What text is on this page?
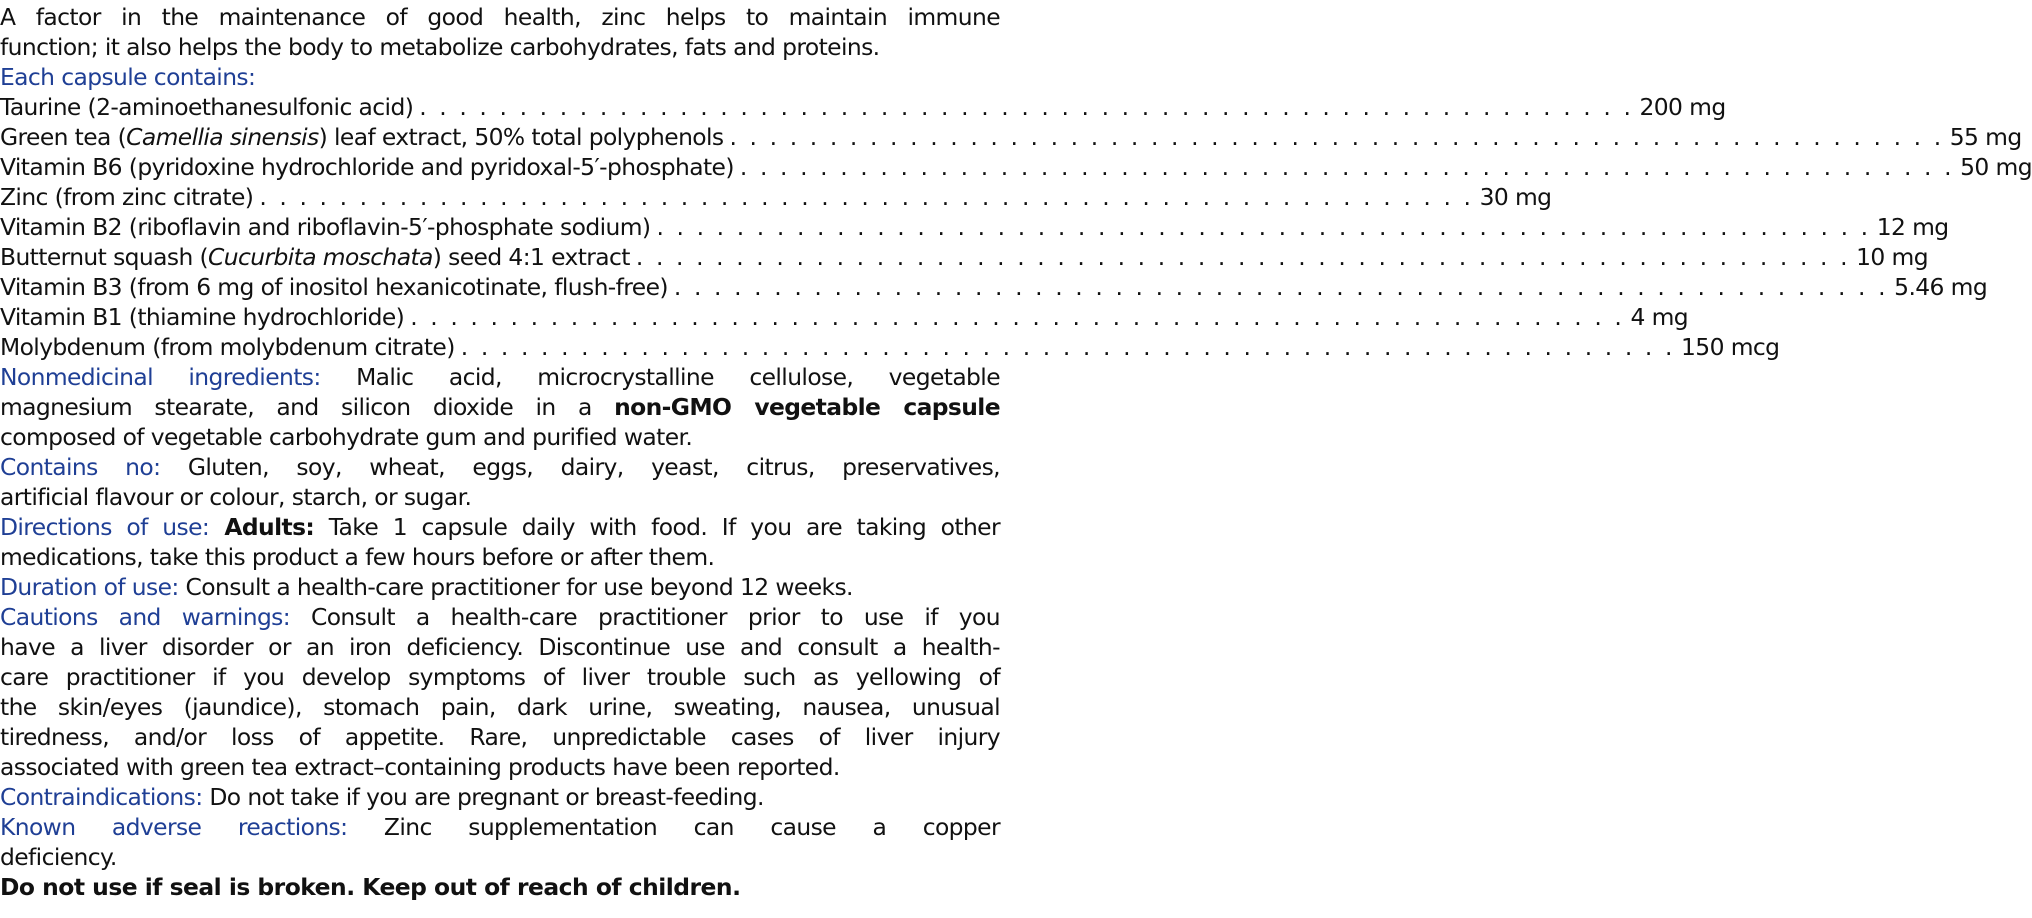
A factor in the maintenance of good health, zinc helps to maintain immune
function; it also helps the body to metabolize carbohydrates, fats and proteins.
Each capsule contains:
Taurine (2-aminoethanesulfonic acid) . . . . . . . . . . . . . . . . . . . . . . . . . . . . . . . . . . . . . . . . . . . . . . . . . . . . . . . . . . . . . 200 mg
Green tea (Camellia sinensis) leaf extract, 50% total polyphenols . . . . . . . . . . . . . . . . . . . . . . . . . . . . . . . . . . . . . . . . . . . . . . . . . . . . . . . . . . . . . 55 mg
Vitamin B6 (pyridoxine hydrochloride and pyridoxal-5′-phosphate) . . . . . . . . . . . . . . . . . . . . . . . . . . . . . . . . . . . . . . . . . . . . . . . . . . . . . . . . . . . . . 50 mg
Zinc (from zinc citrate) . . . . . . . . . . . . . . . . . . . . . . . . . . . . . . . . . . . . . . . . . . . . . . . . . . . . . . . . . . . . . 30 mg
Vitamin B2 (riboflavin and riboflavin-5′-phosphate sodium) . . . . . . . . . . . . . . . . . . . . . . . . . . . . . . . . . . . . . . . . . . . . . . . . . . . . . . . . . . . . . 12 mg
Butternut squash (Cucurbita moschata) seed 4:1 extract . . . . . . . . . . . . . . . . . . . . . . . . . . . . . . . . . . . . . . . . . . . . . . . . . . . . . . . . . . . . . 10 mg
Vitamin B3 (from 6 mg of inositol hexanicotinate, flush-free) . . . . . . . . . . . . . . . . . . . . . . . . . . . . . . . . . . . . . . . . . . . . . . . . . . . . . . . . . . . . . 5.46 mg
Vitamin B1 (thiamine hydrochloride) . . . . . . . . . . . . . . . . . . . . . . . . . . . . . . . . . . . . . . . . . . . . . . . . . . . . . . . . . . . . . 4 mg
Molybdenum (from molybdenum citrate) . . . . . . . . . . . . . . . . . . . . . . . . . . . . . . . . . . . . . . . . . . . . . . . . . . . . . . . . . . . . . 150 mcg
Nonmedicinal ingredients: Malic acid, microcrystalline cellulose, vegetable
magnesium stearate, and silicon dioxide in a non-GMO vegetable capsule
composed of vegetable carbohydrate gum and purified water.
Contains no: Gluten, soy, wheat, eggs, dairy, yeast, citrus, preservatives,
artificial flavour or colour, starch, or sugar.
Directions of use: Adults: Take 1 capsule daily with food. If you are taking other
medications, take this product a few hours before or after them.
Duration of use: Consult a health-care practitioner for use beyond 12 weeks.
Cautions and warnings: Consult a health-care practitioner prior to use if you
have a liver disorder or an iron deficiency. Discontinue use and consult a health-
care practitioner if you develop symptoms of liver trouble such as yellowing of
the skin/eyes (jaundice), stomach pain, dark urine, sweating, nausea, unusual
tiredness, and/or loss of appetite. Rare, unpredictable cases of liver injury
associated with green tea extract–containing products have been reported.
Contraindications: Do not take if you are pregnant or breast-feeding.
Known adverse reactions: Zinc supplementation can cause a copper
deficiency.
Do not use if seal is broken. Keep out of reach of children.
